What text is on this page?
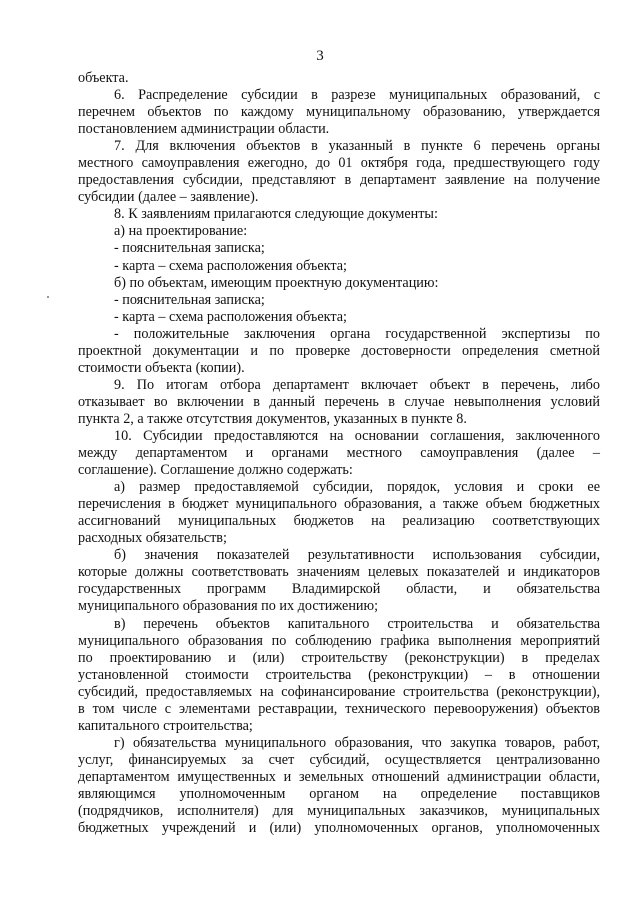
3
объекта.
6. Распределение субсидии в разрезе муниципальных образований, с
перечнем объектов по каждому муниципальному образованию, утверждается
постановлением администрации области.
7. Для включения объектов в указанный в пункте 6 перечень органы
местного самоуправления ежегодно, до 01 октября года, предшествующего году
предоставления субсидии, представляют в департамент заявление на получение
субсидии (далее – заявление).
8. К заявлениям прилагаются следующие документы:
а) на проектирование:
- пояснительная записка;
- карта – схема расположения объекта;
б) по объектам, имеющим проектную документацию:
- пояснительная записка;
- карта – схема расположения объекта;
- положительные заключения органа государственной экспертизы по
проектной документации и по проверке достоверности определения сметной
стоимости объекта (копии).
9. По итогам отбора департамент включает объект в перечень, либо
отказывает во включении в данный перечень в случае невыполнения условий
пункта 2, а также отсутствия документов, указанных в пункте 8.
10. Субсидии предоставляются на основании соглашения, заключенного
между департаментом и органами местного самоуправления (далее –
соглашение). Соглашение должно содержать:
а) размер предоставляемой субсидии, порядок, условия и сроки ее
перечисления в бюджет муниципального образования, а также объем бюджетных
ассигнований муниципальных бюджетов на реализацию соответствующих
расходных обязательств;
б) значения показателей результативности использования субсидии,
которые должны соответствовать значениям целевых показателей и индикаторов
государственных программ Владимирской области, и обязательства
муниципального образования по их достижению;
в) перечень объектов капитального строительства и обязательства
муниципального образования по соблюдению графика выполнения мероприятий
по проектированию и (или) строительству (реконструкции) в пределах
установленной стоимости строительства (реконструкции) – в отношении
субсидий, предоставляемых на софинансирование строительства (реконструкции),
в том числе с элементами реставрации, технического перевооружения) объектов
капитального строительства;
г) обязательства муниципального образования, что закупка товаров, работ,
услуг, финансируемых за счет субсидий, осуществляется централизованно
департаментом имущественных и земельных отношений администрации области,
являющимся уполномоченным органом на определение поставщиков
(подрядчиков, исполнителя) для муниципальных заказчиков, муниципальных
бюджетных учреждений и (или) уполномоченных органов, уполномоченных
